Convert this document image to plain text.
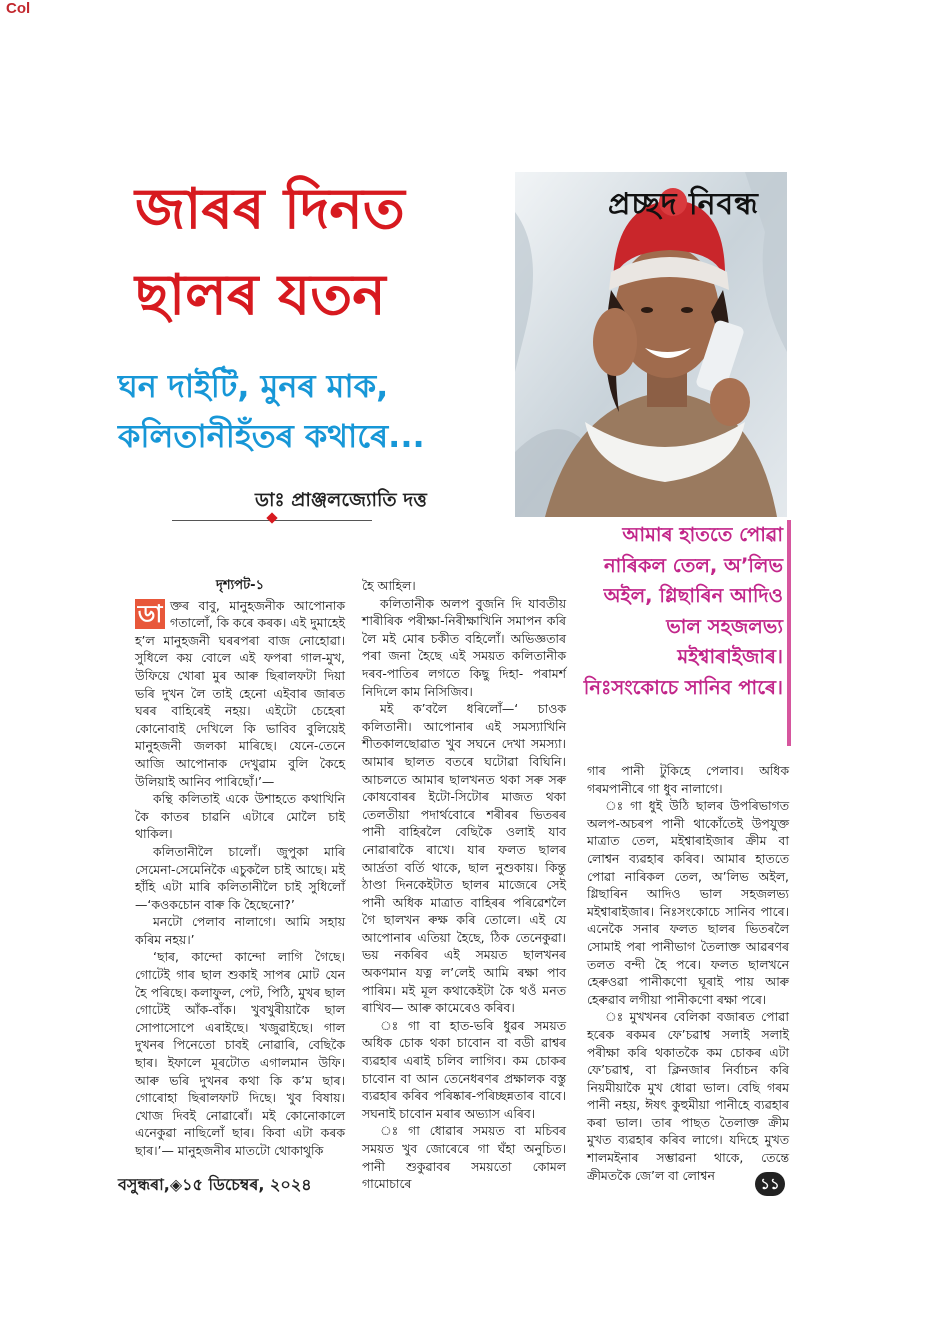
Col
প্ৰচ্ছদ নিবন্ধ
জাৰৰ দিনত
ছালৰ যতন
ঘন দাইটি, মুনৰ মাক,
কলিতানীহঁতৰ কথাৰে...
ডাঃ প্ৰাঞ্জলজ্যোতি দত্ত
আমাৰ হাততে পোৱা নাৰিকল তেল, অ’লিভ অইল, গ্লিছাৰিন আদিও ভাল সহজলভ্য মইশ্বাৰাইজাৰ। নিঃসংকোচে সানিব পাৰে।
দৃশ্যপট-১

ডা ক্তৰ বাবু, মানুহজনীক আপোনাক গতালোঁ, কি কৰে কৰক। এই দুমাহেই হ’ল মানুহজনী ঘৰৰপৰা বাজ নোহোৱা। সুধিলে কয় বোলে এই ফপৰা গাল-মুখ, উফিয়ে খোৰা মুৰ আৰু ছিৰালফটা দিয়া ভৰি দুখন লৈ তাই হেনো এইবাৰ জাৰত ঘৰৰ বাহিৰেই নহয়। এইটো চেহেৰা কোনোবাই দেখিলে কি ভাবিব বুলিয়েই মানুহজনী জলকা মাৰিছে। যেনে-তেনে আজি আপোনাক দেখুৱাম বুলি কৈহে উলিয়াই আনিব পাৰিছোঁ।’—

কন্থি কলিতাই একে উশাহতে কথাখিনি কৈ কাতৰ চাৱনি এটাৰে মোলৈ চাই থাকিল।

কলিতানীলৈ চালোঁ। জুপুকা মাৰি সেমেনা-সেমেনিকৈ এচুকলৈ চাই আছে। মই হাঁহি এটা মাৰি কলিতানীলৈ চাই সুধিলোঁ—‘কওকচোন বাৰু কি হৈছেনো?’

মনটো পেলাব নালাগে। আমি সহায় কৰিম নহয়।’

‘ছাৰ, কান্দো কান্দো লাগি গৈছে। গোটেই গাৰ ছাল শুকাই সাপৰ মোট যেন হৈ পৰিছে। কলাফুল, পেট, পিঠি, মুখৰ ছাল গোটেই আঁক-বাঁক। খুবখুৰীয়াকৈ ছাল সোপাসোপে এৰাইছে। খজুৱাইছে। গাল দুখনৰ পিনেতো চাবই নোৱাৰি, বেছিকৈ ছাৰ। ইফালে মূৰটোত এগালমান উফি। আৰু ভৰি দুখনৰ কথা কি ক’ম ছাৰ। গোৰোহা ছিৰালফাট দিছে। খুব বিষায়। খোজ দিবই নোৱাৰোঁ। মই কোনোকালে এনেকুৱা নাছিলোঁ ছাৰ। কিবা এটা কৰক ছাৰ।’— মানুহজনীৰ মাতটো থোকাথুকি

হৈ আহিল।

কলিতানীক অলপ বুজনি দি যাবতীয় শাৰীৰিক পৰীক্ষা-নিৰীক্ষাখিনি সমাপন কৰি লৈ মই মোৰ চকীত বহিলোঁ। অভিজ্ঞতাৰ পৰা জনা হৈছে এই সময়ত কলিতানীক দৰব-পাতিৰ লগতে কিছু দিহা- পৰামৰ্শ নিদিলে কাম নিসিজিব।

মই ক’বলৈ ধৰিলোঁ—‘ চাওক কলিতানী। আপোনাৰ এই সমস্যাখিনি শীতকালছোৱাত খুব সঘনে দেখা সমস্যা। আমাৰ ছালত বতৰে ঘটোৱা বিঘিনি। আচলতে আমাৰ ছালখনত থকা সৰু সৰু কোষবোৰৰ ইটো-সিটোৰ মাজত থকা তেলতীয়া পদাৰ্থবোৰে শৰীৰৰ ভিতৰৰ পানী বাহিৰলৈ বেছিকৈ ওলাই যাব নোৱাৰাকৈ ৰাখে। যাৰ ফলত ছালৰ আৰ্দ্ৰতা বৰ্তি থাকে, ছাল নুশুকায়। কিন্তু ঠাণ্ডা দিনকেইটাত ছালৰ মাজেৰে সেই পানী অধিক মাত্ৰাত বাহিৰৰ পৰিৱেশলৈ গৈ ছালখন ৰুক্ষ কৰি তোলে। এই যে আপোনাৰ এতিয়া হৈছে, ঠিক তেনেকুৱা। ভয় নকৰিব এই সময়ত ছালখনৰ অকণমান যত্ন ল’লেই আমি ৰক্ষা পাব পাৰিম। মই মূল কথাকেইটা কৈ থওঁ মনত ৰাখিব— আৰু কামেৰেও কৰিব।

ঃ গা বা হাত-ভৰি ধুৱৰ সময়ত অধিক চোক থকা চাবোন বা বডী ৱাশ্বৰ ব্যৱহাৰ এৰাই চলিব লাগিব। কম চোকৰ চাবোন বা আন তেনেধৰণৰ প্ৰক্ষালক বস্তু ব্যৱহাৰ কৰিব পৰিষ্কাৰ-পৰিচ্ছন্নতাৰ বাবে। সঘনাই চাবোন মৰাৰ অভ্যাস এৰিব।

ঃ গা ধোৱাৰ সময়ত বা মচিবৰ সময়ত খুব জোৰেৰে গা ঘঁহা অনুচিত। পানী শুকুৱাবৰ সময়তো কোমল গামোচাৰে

গাৰ পানী টুকিহে পেলাব। অধিক গৰমপানীৰে গা ধুব নালাগে।

ঃ গা ধুই উঠি ছালৰ উপৰিভাগত অলপ-অচৰপ পানী থাকোঁতেই উপযুক্ত মাত্ৰাত তেল, মইশ্বাৰাইজাৰ ক্ৰীম বা লোশ্বন ব্যৱহাৰ কৰিব। আমাৰ হাততে পোৱা নাৰিকল তেল, অ’লিভ অইল, গ্লিছাৰিন আদিও ভাল সহজলভ্য মইশ্বাৰাইজাৰ। নিঃসংকোচে সানিব পাৰে। এনেকৈ সনাৰ ফলত ছালৰ ভিতৰলৈ সোমাই পৰা পানীভাগ তৈলাক্ত আৱৰণৰ তলত বন্দী হৈ পৰে। ফলত ছালখনে হেৰুওৱা পানীকণো ঘূৰাই পায় আৰু হেৰুৱাব লগীয়া পানীকণো ৰক্ষা পৰে।

ঃ মুখখনৰ বেলিকা বজাৰত পোৱা হৰেক ৰকমৰ ফে’চৱাশ্ব সলাই সলাই পৰীক্ষা কৰি থকাতকৈ কম চোকৰ এটা ফে’চৱাশ্ব, বা ক্লিনজাৰ নিৰ্বাচন কৰি নিয়মীয়াকৈ মুখ ধোৱা ভাল। বেছি গৰম পানী নহয়, ঈষৎ কুহুমীয়া পানীহে ব্যৱহাৰ কৰা ভাল। তাৰ পাছত তৈলাক্ত ক্ৰীম মুখত ব্যৱহাৰ কৰিব লাগে। যদিহে মুখত শালমইনাৰ সম্ভাৱনা থাকে, তেন্তে ক্ৰীমতকৈ জে’ল বা লোশ্বন

বসুন্ধৰা,◈১৫ ডিচেম্বৰ, ২০২৪	১১
